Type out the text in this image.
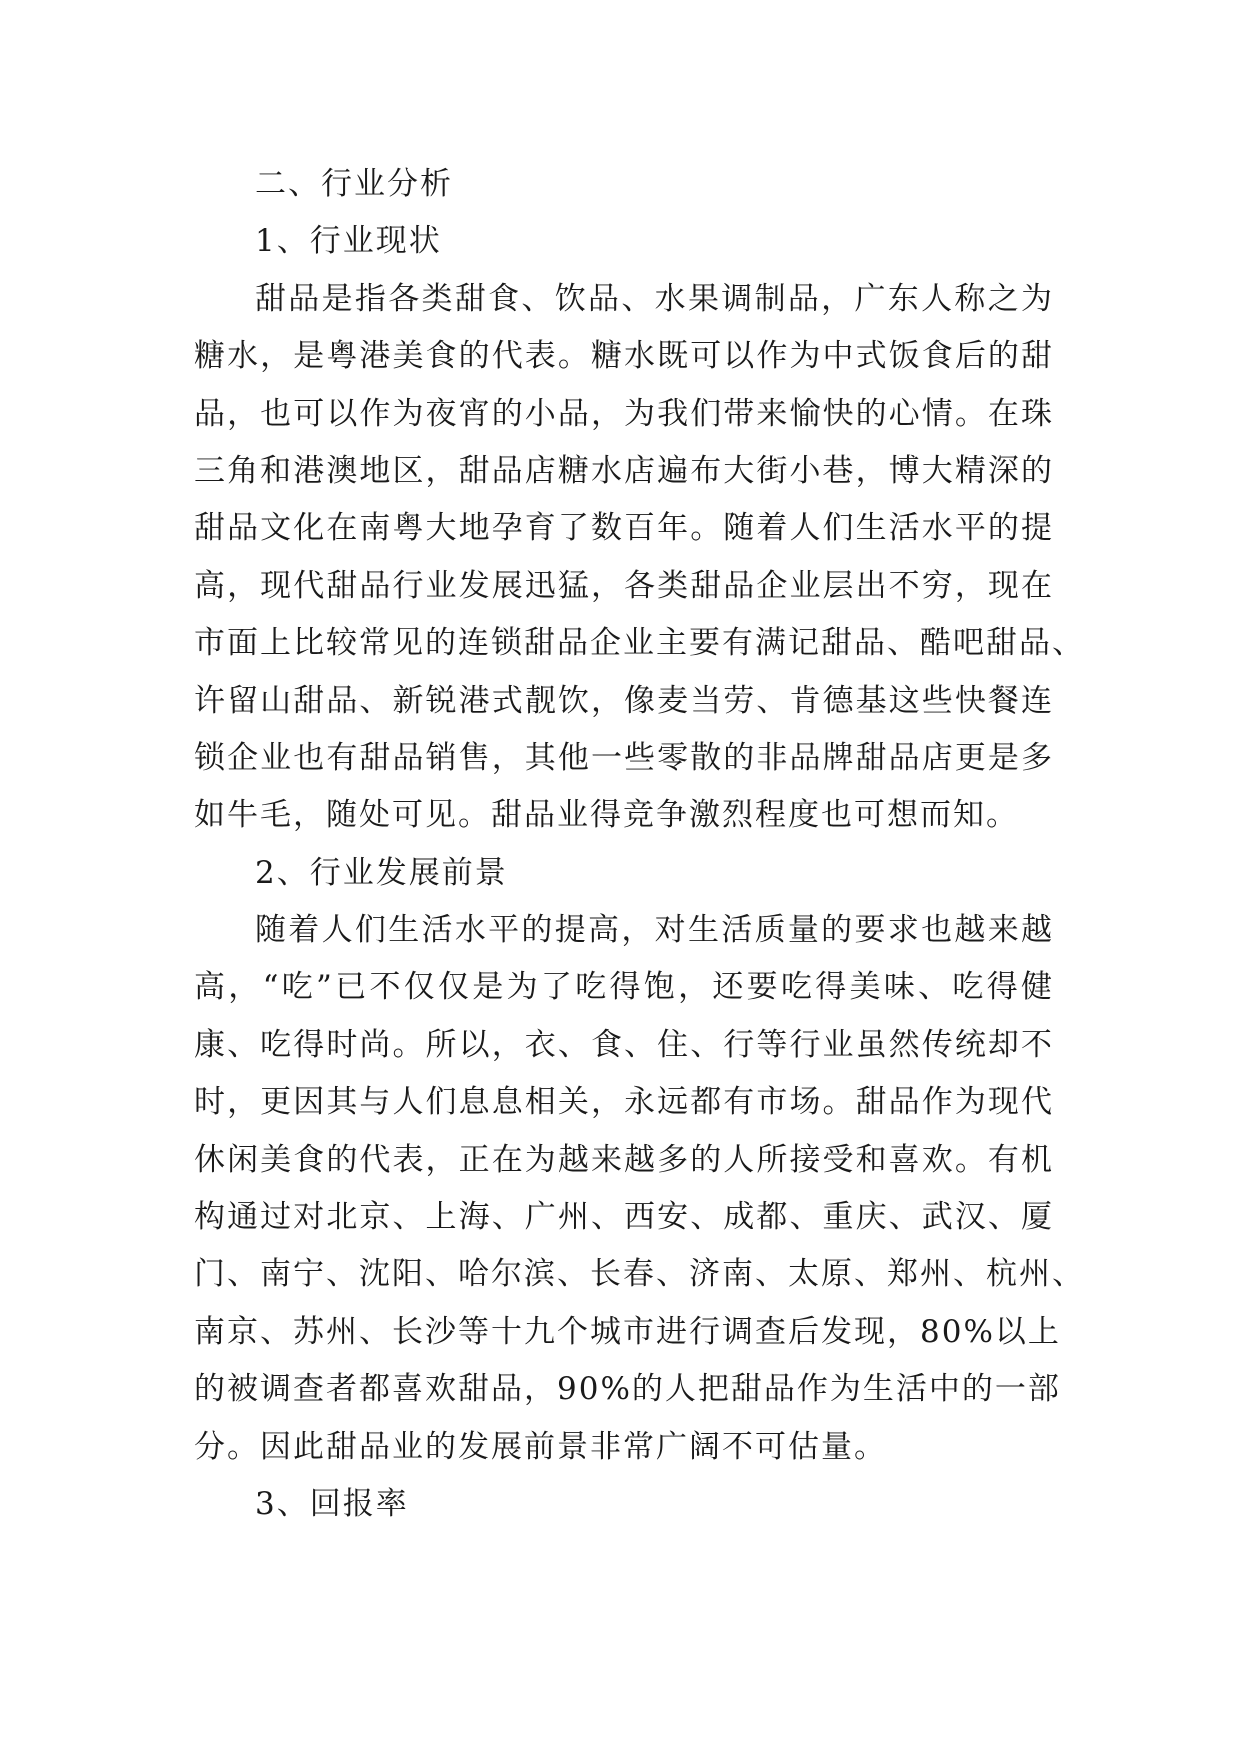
二、行业分析
1、行业现状
甜品是指各类甜食、饮品、水果调制品，广东人称之为
糖水，是粤港美食的代表。糖水既可以作为中式饭食后的甜
品，也可以作为夜宵的小品，为我们带来愉快的心情。在珠
三角和港澳地区，甜品店糖水店遍布大街小巷，博大精深的
甜品文化在南粤大地孕育了数百年。随着人们生活水平的提
高，现代甜品行业发展迅猛，各类甜品企业层出不穷，现在
市面上比较常见的连锁甜品企业主要有满记甜品、酷吧甜品、
许留山甜品、新锐港式靓饮，像麦当劳、肯德基这些快餐连
锁企业也有甜品销售，其他一些零散的非品牌甜品店更是多
如牛毛，随处可见。甜品业得竞争激烈程度也可想而知。
2、行业发展前景
随着人们生活水平的提高，对生活质量的要求也越来越
高，“吃”已不仅仅是为了吃得饱，还要吃得美味、吃得健
康、吃得时尚。所以，衣、食、住、行等行业虽然传统却不
时，更因其与人们息息相关，永远都有市场。甜品作为现代
休闲美食的代表，正在为越来越多的人所接受和喜欢。有机
构通过对北京、上海、广州、西安、成都、重庆、武汉、厦
门、南宁、沈阳、哈尔滨、长春、济南、太原、郑州、杭州、
南京、苏州、长沙等十九个城市进行调查后发现，80%以上
的被调查者都喜欢甜品，90%的人把甜品作为生活中的一部
分。因此甜品业的发展前景非常广阔不可估量。
3、回报率
